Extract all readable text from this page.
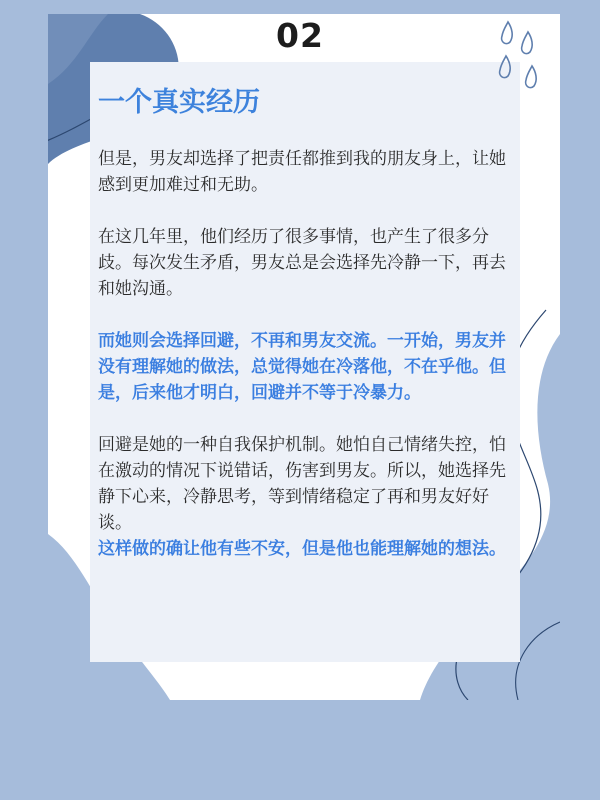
02
一个真实经历

但是，男友却选择了把责任都推到我的朋友身上，让她感到更加难过和无助。

在这几年里，他们经历了很多事情，也产生了很多分歧。每次发生矛盾，男友总是会选择先冷静一下，再去和她沟通。

而她则会选择回避，不再和男友交流。一开始，男友并没有理解她的做法，总觉得她在冷落他，不在乎他。但是，后来他才明白，回避并不等于冷暴力。

回避是她的一种自我保护机制。她怕自己情绪失控，怕在激动的情况下说错话，伤害到男友。所以，她选择先静下心来，冷静思考，等到情绪稳定了再和男友好好谈。

这样做的确让他有些不安，但是他也能理解她的想法。
